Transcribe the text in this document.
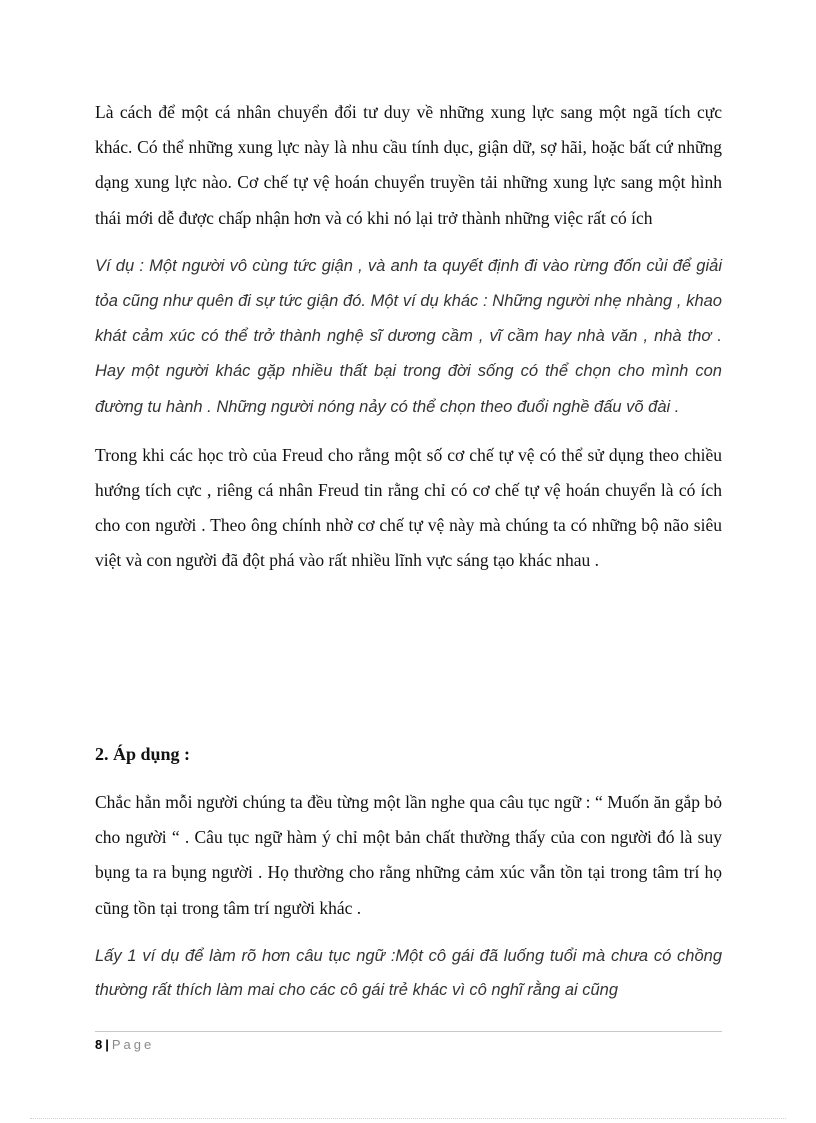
Là cách để một cá nhân chuyển đổi tư duy về những xung lực sang một ngã tích cực khác. Có thể những xung lực này là nhu cầu tính dục, giận dữ, sợ hãi, hoặc bất cứ những dạng xung lực nào. Cơ chế tự vệ hoán chuyển truyền tải những xung lực sang một hình thái mới dễ được chấp nhận hơn và có khi nó lại trở thành những việc rất có ích

Ví dụ : Một người vô cùng tức giận , và anh ta quyết định đi vào rừng đốn củi để giải tỏa cũng như quên đi sự tức giận đó. Một ví dụ khác : Những người nhẹ nhàng , khao khát cảm xúc có thể trở thành nghệ sĩ dương cầm , vĩ cầm hay nhà văn , nhà thơ . Hay một người khác gặp nhiều thất bại trong đời sống có thể chọn cho mình con đường tu hành . Những người nóng nảy có thể chọn theo đuổi nghề đấu võ đài .

Trong khi các học trò của Freud cho rằng một số cơ chế tự vệ có thể sử dụng theo chiều hướng tích cực , riêng cá nhân Freud tin rằng chỉ có cơ chế tự vệ hoán chuyển là có ích cho con người . Theo ông chính nhờ cơ chế tự vệ này mà chúng ta có những bộ não siêu việt và con người đã đột phá vào rất nhiều lĩnh vực sáng tạo khác nhau .

2. Áp dụng :

Chắc hẳn mỗi người chúng ta đều từng một lần nghe qua câu tục ngữ : “ Muốn ăn gắp bỏ cho người “ . Câu tục ngữ hàm ý chỉ một bản chất thường thấy của con người đó là suy bụng ta ra bụng người . Họ thường cho rằng những cảm xúc vẫn tồn tại trong tâm trí họ cũng tồn tại trong tâm trí người khác .

Lấy 1 ví dụ để làm rõ hơn câu tục ngữ :Một cô gái đã luống tuổi mà chưa có chồng thường rất thích làm mai cho các cô gái trẻ khác vì cô nghĩ rằng ai cũng

8 | Page
